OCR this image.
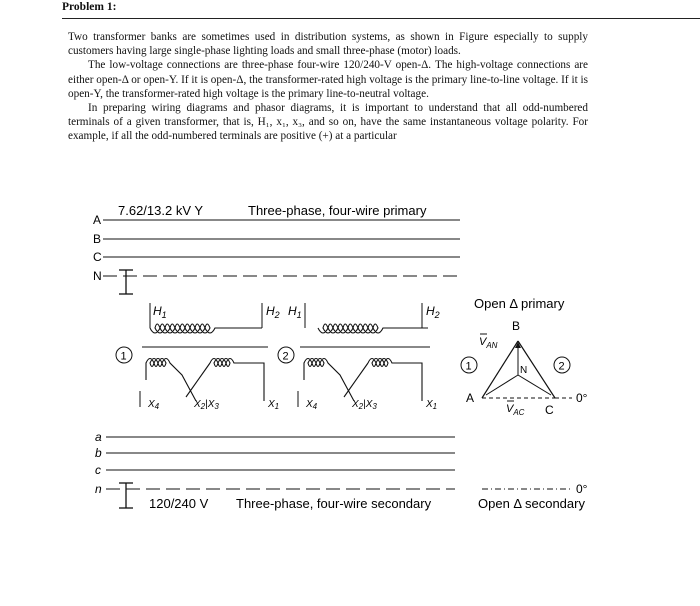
Problem 1:

Two transformer banks are sometimes used in distribution systems, as shown in Figure especially to supply customers having large single-phase lighting loads and small three-phase (motor) loads.

The low-voltage connections are three-phase four-wire 120/240-V open-Δ. The high-voltage connections are either open-Δ or open-Y. If it is open-Δ, the transformer-rated high voltage is the primary line-to-line voltage. If it is open-Y, the transformer-rated high voltage is the primary line-to-neutral voltage.

In preparing wiring diagrams and phasor diagrams, it is important to understand that all odd-numbered terminals of a given transformer, that is, H₁, x₁, x₃, and so on, have the same instantaneous voltage polarity. For example, if all the odd-numbered terminals are positive (+) at a particular

7.62/13.2 kV Y	Three-phase, four-wire primary
A
B
C
N
$H_1$	$H_2$
1
$X_4$	$X_2|X_3$	$X_1$
$H_1$	$H_2$
2
$X_4$	$X_2|X_3$	$X_1$
Open Δ primary
B
$V_{AN}$
N
1	2
A
C
0°
$V_{AC}$
a
b
c
n
120/240 V Three-phase, four-wire secondary
0°
Open Δ secondary
